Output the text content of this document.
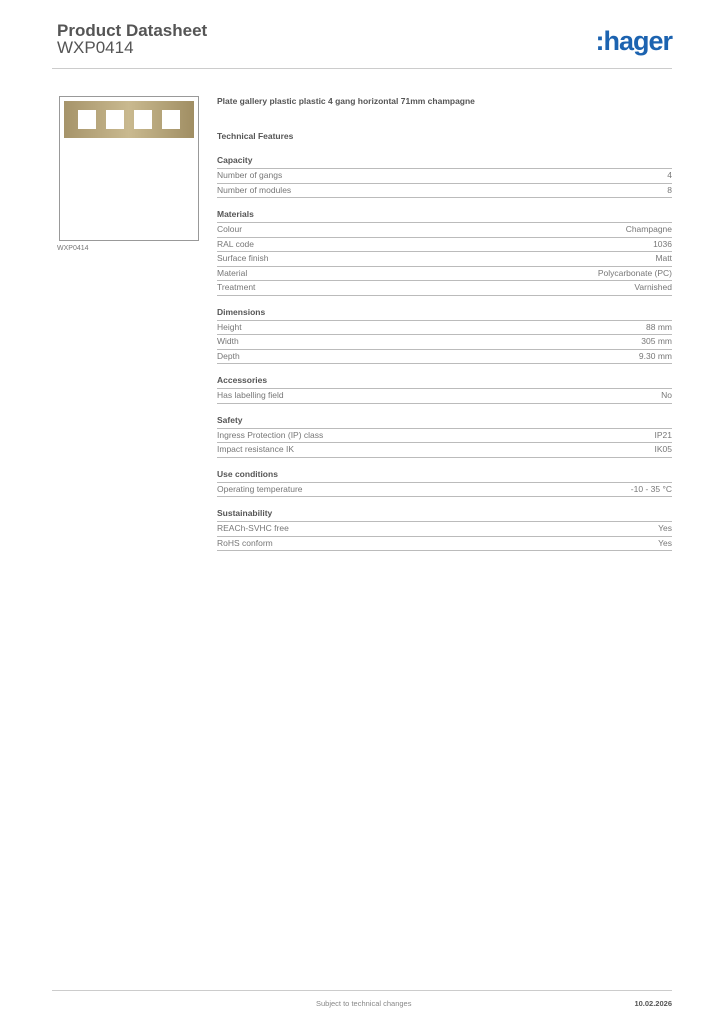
Product Datasheet
WXP0414	:hager
WXP0414
Plate gallery plastic plastic 4 gang horizontal 71mm champagne
Technical Features
Capacity
Number of gangs	4
Number of modules	8
Materials
Colour	Champagne
RAL code	1036
Surface finish	Matt
Material	Polycarbonate (PC)
Treatment	Varnished
Dimensions
Height	88 mm
Width	305 mm
Depth	9.30 mm
Accessories
Has labelling field	No
Safety
Ingress Protection (IP) class	IP21
Impact resistance IK	IK05
Use conditions
Operating temperature	-10 - 35 °C
Sustainability
REACh-SVHC free	Yes
RoHS conform	Yes
Subject to technical changes	10.02.2026
